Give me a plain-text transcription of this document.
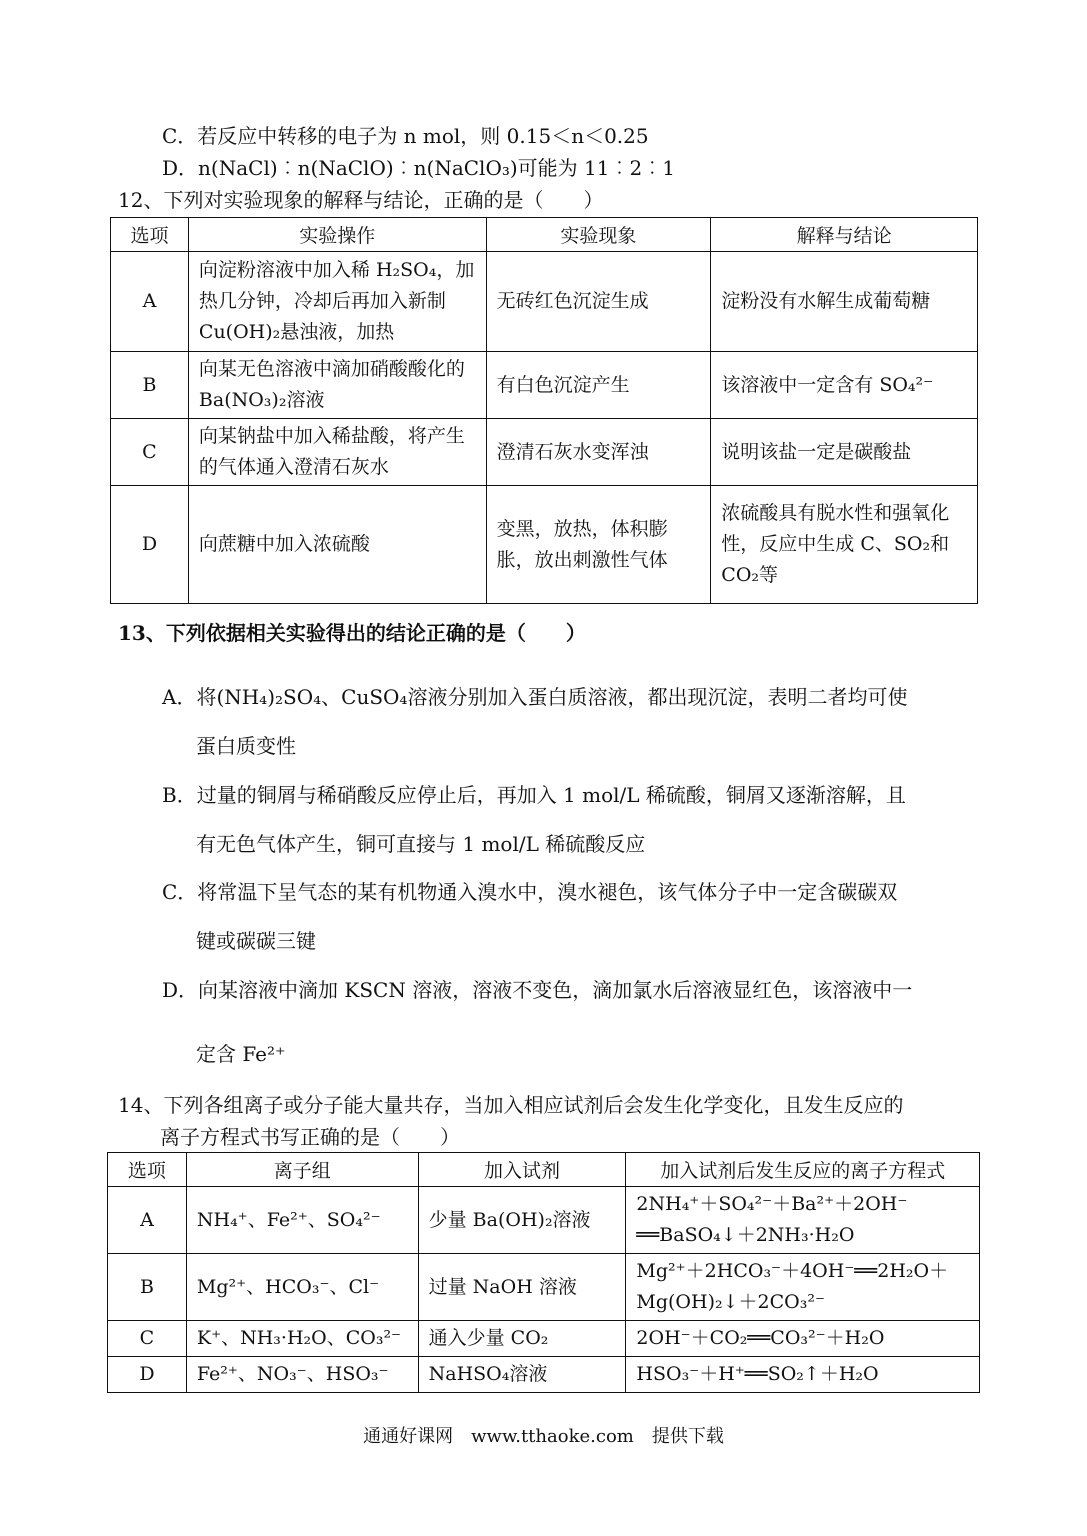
C．若反应中转移的电子为 n mol，则 0.15＜n＜0.25
D．n(NaCl)︰n(NaClO)︰n(NaClO₃)可能为 11︰2︰1
12、下列对实验现象的解释与结论，正确的是（　　）
选项	实验操作	实验现象	解释与结论
A	向淀粉溶液中加入稀 H₂SO₄，加热几分钟，冷却后再加入新制 Cu(OH)₂悬浊液，加热	无砖红色沉淀生成	淀粉没有水解生成葡萄糖
B	向某无色溶液中滴加硝酸酸化的 Ba(NO₃)₂溶液	有白色沉淀产生	该溶液中一定含有 SO₄²⁻
C	向某钠盐中加入稀盐酸，将产生的气体通入澄清石灰水	澄清石灰水变浑浊	说明该盐一定是碳酸盐
D	向蔗糖中加入浓硫酸	变黑，放热，体积膨胀，放出刺激性气体	浓硫酸具有脱水性和强氧化性，反应中生成 C、SO₂和 CO₂等
13、下列依据相关实验得出的结论正确的是（　　）
A．将(NH₄)₂SO₄、CuSO₄溶液分别加入蛋白质溶液，都出现沉淀，表明二者均可使
蛋白质变性
B．过量的铜屑与稀硝酸反应停止后，再加入 1 mol/L 稀硫酸，铜屑又逐渐溶解，且
有无色气体产生，铜可直接与 1 mol/L 稀硫酸反应
C．将常温下呈气态的某有机物通入溴水中，溴水褪色，该气体分子中一定含碳碳双
键或碳碳三键
D．向某溶液中滴加 KSCN 溶液，溶液不变色，滴加氯水后溶液显红色，该溶液中一
定含 Fe²⁺
14、下列各组离子或分子能大量共存，当加入相应试剂后会发生化学变化，且发生反应的
离子方程式书写正确的是（　　）
选项	离子组	加入试剂	加入试剂后发生反应的离子方程式
A	NH₄⁺、Fe²⁺、SO₄²⁻	少量 Ba(OH)₂溶液	2NH₄⁺＋SO₄²⁻＋Ba²⁺＋2OH⁻ ══BaSO₄↓＋2NH₃·H₂O
B	Mg²⁺、HCO₃⁻、Cl⁻	过量 NaOH 溶液	Mg²⁺＋2HCO₃⁻＋4OH⁻══2H₂O＋Mg(OH)₂↓＋2CO₃²⁻
C	K⁺、NH₃·H₂O、CO₃²⁻	通入少量 CO₂	2OH⁻＋CO₂══CO₃²⁻＋H₂O
D	Fe²⁺、NO₃⁻、HSO₃⁻	NaHSO₄溶液	HSO₃⁻＋H⁺══SO₂↑＋H₂O
通通好课网　www.tthaoke.com　提供下载
